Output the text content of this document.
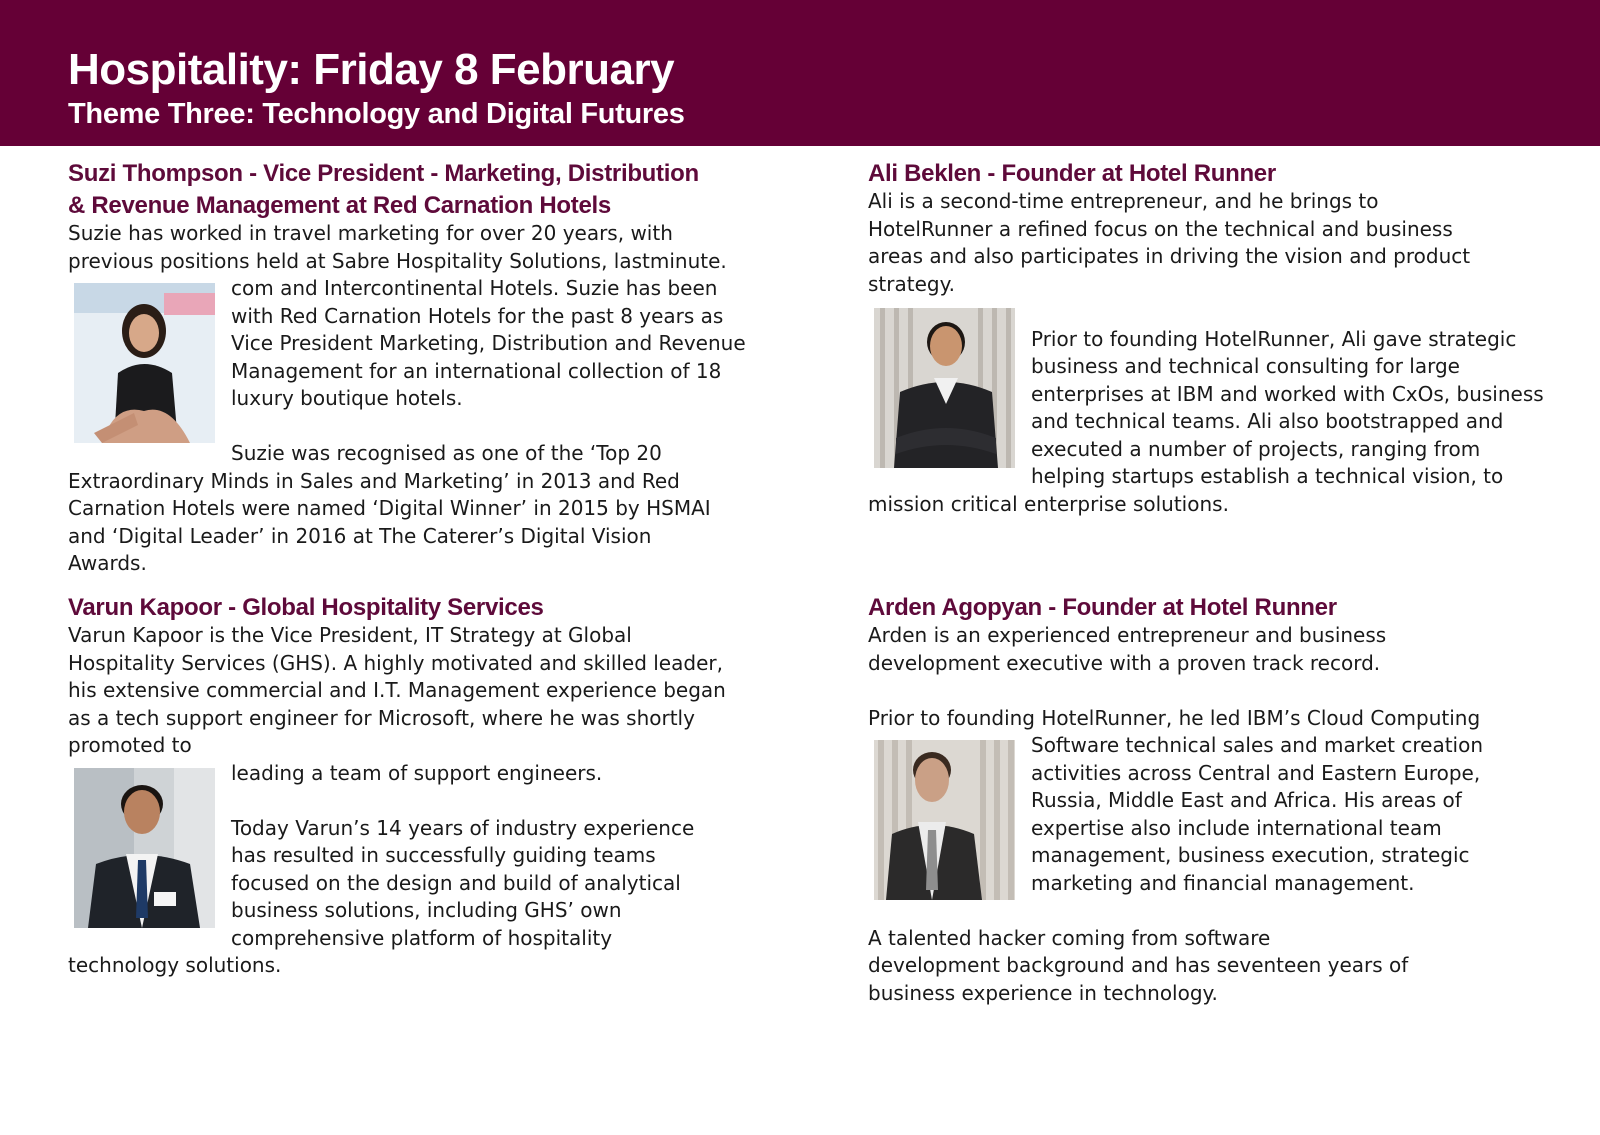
Hospitality: Friday 8 February
Theme Three: Technology and Digital Futures
Suzi Thompson - Vice President - Marketing, Distribution
& Revenue Management at Red Carnation Hotels

Suzie has worked in travel marketing for over 20 years, with previous positions held at Sabre Hospitality Solutions, lastminute.

com and Intercontinental Hotels. Suzie has been with Red Carnation Hotels for the past 8 years as Vice President Marketing, Distribution and Revenue Management for an international collection of 18 luxury boutique hotels.

Suzie was recognised as one of the ‘Top 20

Extraordinary Minds in Sales and Marketing’ in 2013 and Red Carnation Hotels were named ‘Digital Winner’ in 2015 by HSMAI and ‘Digital Leader’ in 2016 at The Caterer’s Digital Vision Awards.

Ali Beklen - Founder at Hotel Runner

Ali is a second-time entrepreneur, and he brings to HotelRunner a refined focus on the technical and business areas and also participates in driving the vision and product strategy.

Prior to founding HotelRunner, Ali gave strategic business and technical consulting for large enterprises at IBM and worked with CxOs, business and technical teams. Ali also bootstrapped and executed a number of projects, ranging from helping startups establish a technical vision, to

mission critical enterprise solutions.

Varun Kapoor - Global Hospitality Services

Varun Kapoor is the Vice President, IT Strategy at Global Hospitality Services (GHS). A highly motivated and skilled leader, his extensive commercial and I.T. Management experience began as a tech support engineer for Microsoft, where he was shortly promoted to

leading a team of support engineers.

Today Varun’s 14 years of industry experience has resulted in successfully guiding teams focused on the design and build of analytical business solutions, including GHS’ own comprehensive platform of hospitality technology solutions.

Arden Agopyan - Founder at Hotel Runner

Arden is an experienced entrepreneur and business development executive with a proven track record.

Prior to founding HotelRunner, he led IBM’s Cloud Computing

Software technical sales and market creation activities across Central and Eastern Europe, Russia, Middle East and Africa. His areas of expertise also include international team management, business execution, strategic marketing and financial management.

A talented hacker coming from software

development background and has seventeen years of business experience in technology.
